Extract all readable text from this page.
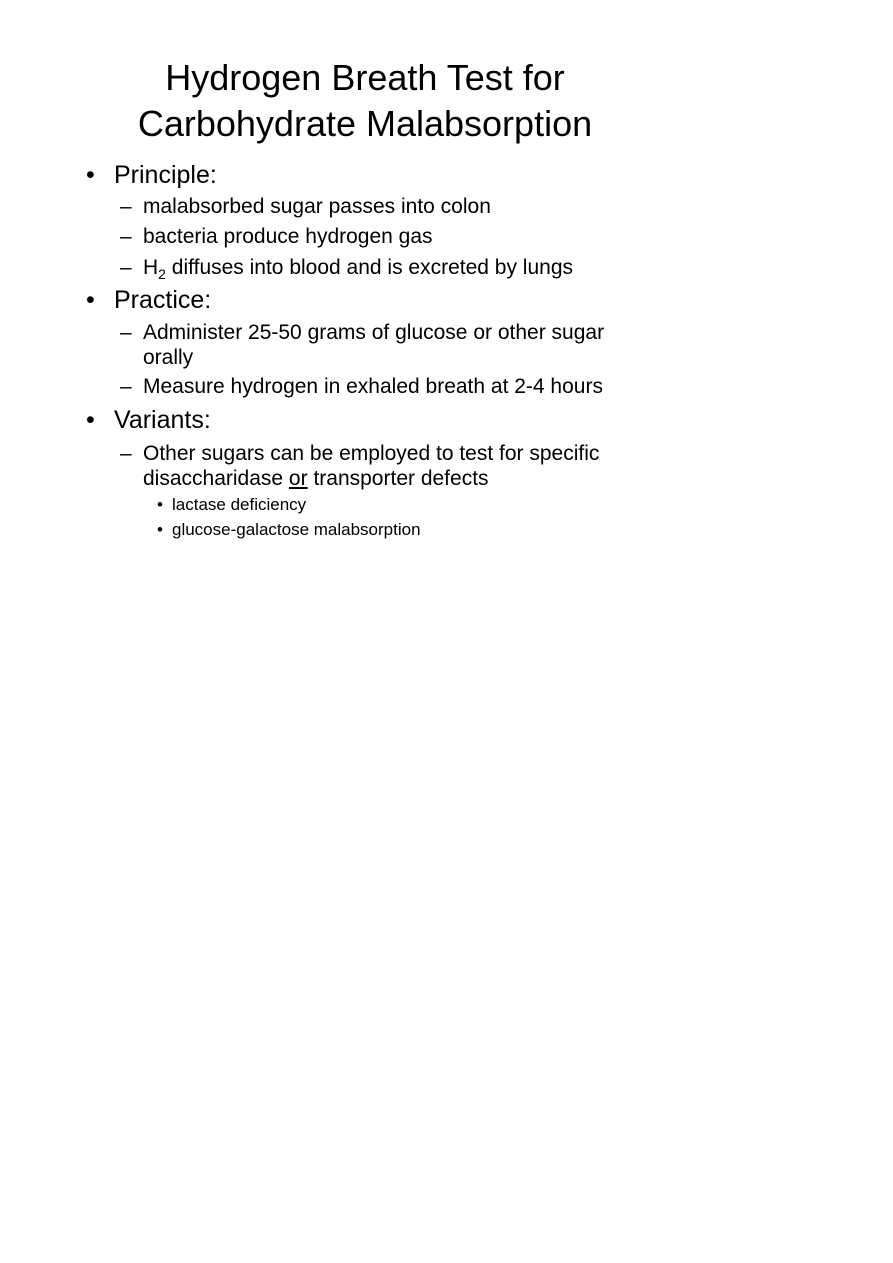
Hydrogen Breath Test for
Carbohydrate Malabsorption
• Principle:
– malabsorbed sugar passes into colon
– bacteria produce hydrogen gas
– $H_2$ diffuses into blood and is excreted by lungs
• Practice:
– Administer 25-50 grams of glucose or other sugar
orally
– Measure hydrogen in exhaled breath at 2-4 hours
• Variants:
– Other sugars can be employed to test for specific
disaccharidase or transporter defects
• lactase deficiency
• glucose-galactose malabsorption
